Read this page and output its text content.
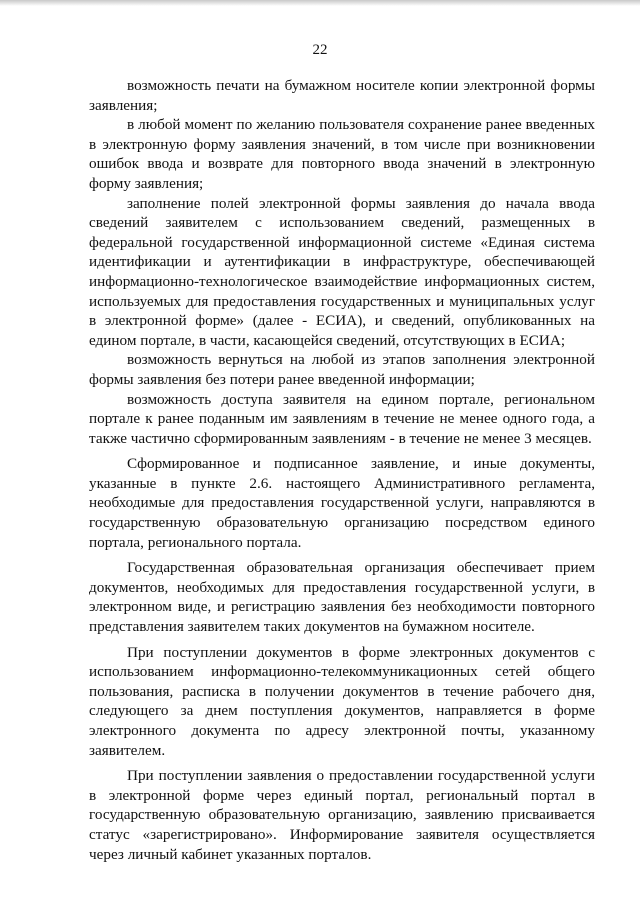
22

возможность печати на бумажном носителе копии электронной формы заявления;

в любой момент по желанию пользователя сохранение ранее введенных в электронную форму заявления значений, в том числе при возникновении ошибок ввода и возврате для повторного ввода значений в электронную форму заявления;

заполнение полей электронной формы заявления до начала ввода сведений заявителем с использованием сведений, размещенных в федеральной государственной информационной системе «Единая система идентификации и аутентификации в инфраструктуре, обеспечивающей информационно-технологическое взаимодействие информационных систем, используемых для предоставления государственных и муниципальных услуг в электронной форме» (далее - ЕСИА), и сведений, опубликованных на едином портале, в части, касающейся сведений, отсутствующих в ЕСИА;

возможность вернуться на любой из этапов заполнения электронной формы заявления без потери ранее введенной информации;

возможность доступа заявителя на едином портале, региональном портале к ранее поданным им заявлениям в течение не менее одного года, а также частично сформированным заявлениям - в течение не менее 3 месяцев.

Сформированное и подписанное заявление, и иные документы, указанные в пункте 2.6. настоящего Административного регламента, необходимые для предоставления государственной услуги, направляются в государственную образовательную организацию посредством единого портала, регионального портала.

Государственная образовательная организация обеспечивает прием документов, необходимых для предоставления государственной услуги, в электронном виде, и регистрацию заявления без необходимости повторного представления заявителем таких документов на бумажном носителе.

При поступлении документов в форме электронных документов с использованием информационно-телекоммуникационных сетей общего пользования, расписка в получении документов в течение рабочего дня, следующего за днем поступления документов, направляется в форме электронного документа по адресу электронной почты, указанному заявителем.

При поступлении заявления о предоставлении государственной услуги в электронной форме через единый портал, региональный портал в государственную образовательную организацию, заявлению присваивается статус «зарегистрировано». Информирование заявителя осуществляется через личный кабинет указанных порталов.
